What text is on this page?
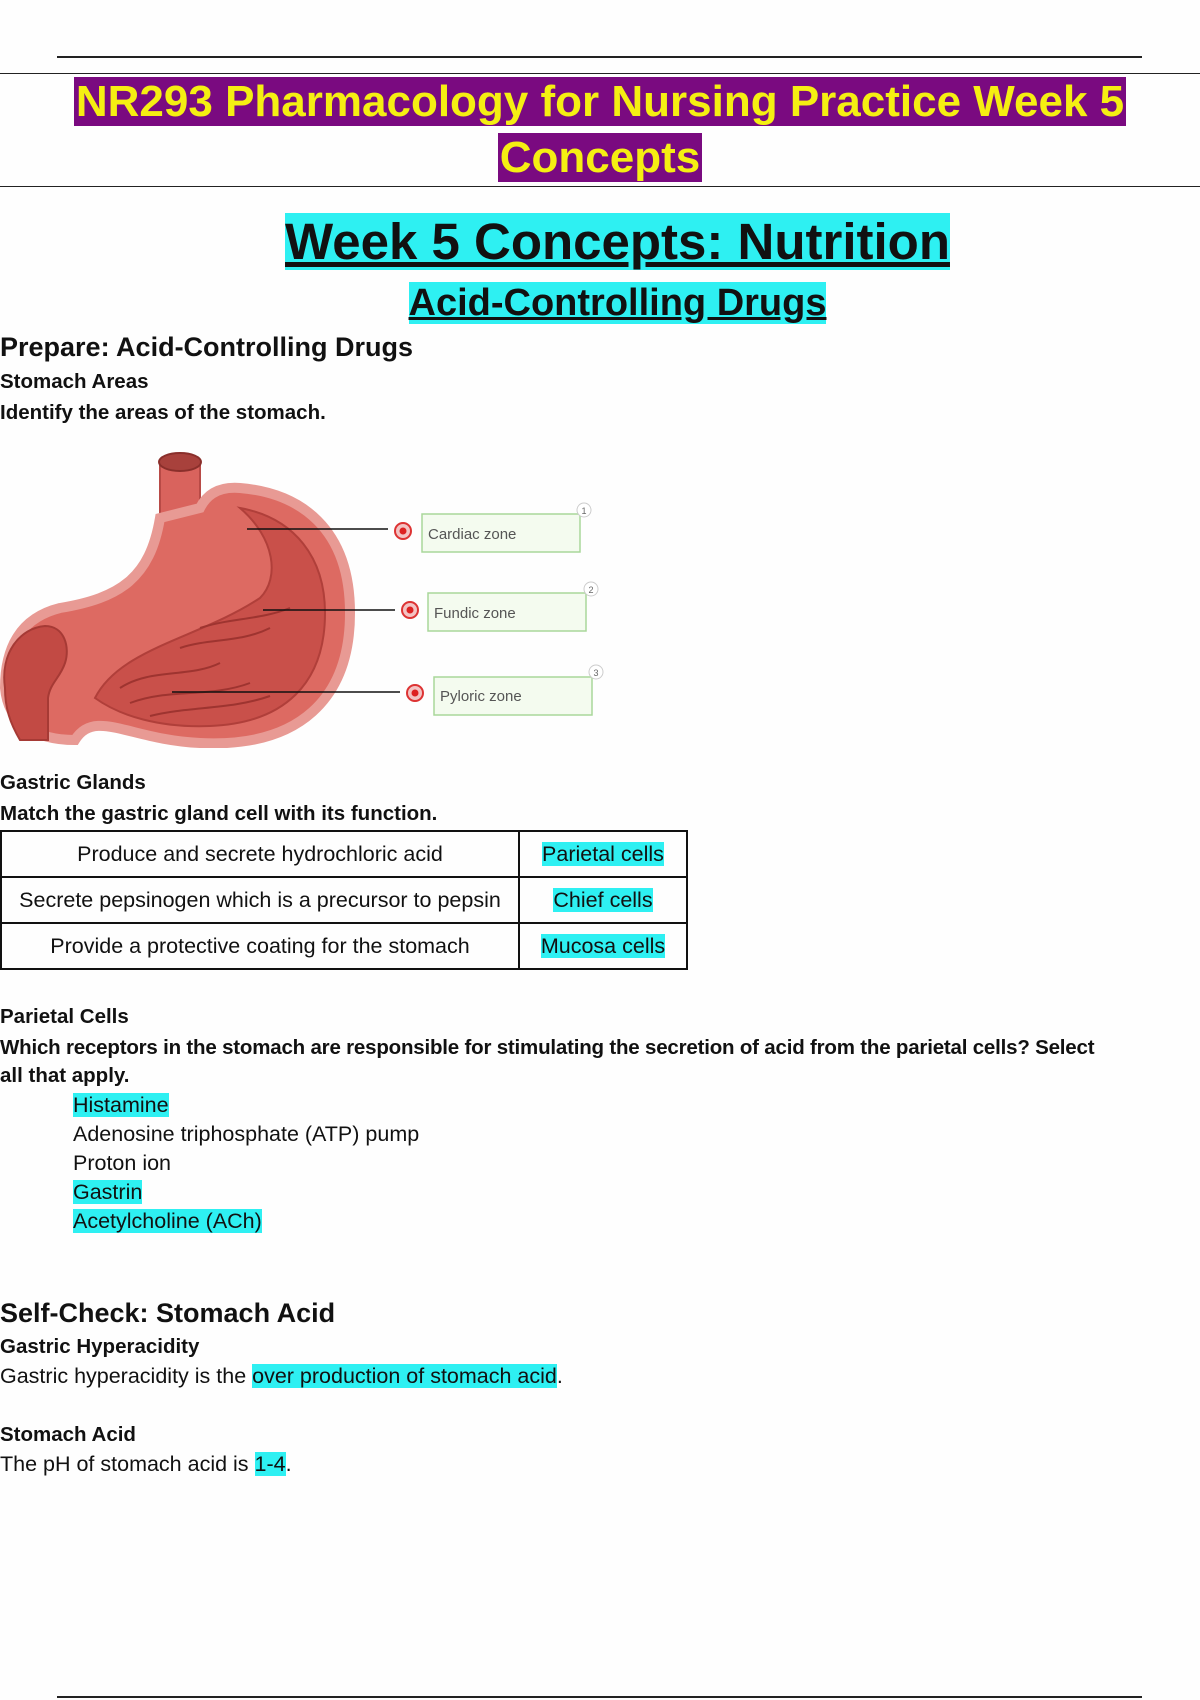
NR293 Pharmacology for Nursing Practice Week 5
Concepts
Week 5 Concepts: Nutrition
Acid-Controlling Drugs
Prepare: Acid-Controlling Drugs
Stomach Areas
Identify the areas of the stomach.
Cardiac zone
Fundic zone
Pyloric zone
1
2
3
Gastric Glands
Match the gastric gland cell with its function.
Produce and secrete hydrochloric acid	Parietal cells
Secrete pepsinogen which is a precursor to pepsin	Chief cells
Provide a protective coating for the stomach	Mucosa cells
Parietal Cells
Which receptors in the stomach are responsible for stimulating the secretion of acid from the parietal cells? Select
all that apply.
Histamine
Adenosine triphosphate (ATP) pump
Proton ion
Gastrin
Acetylcholine (ACh)
Self-Check: Stomach Acid
Gastric Hyperacidity
Gastric hyperacidity is the over production of stomach acid.
Stomach Acid
The pH of stomach acid is 1-4.
